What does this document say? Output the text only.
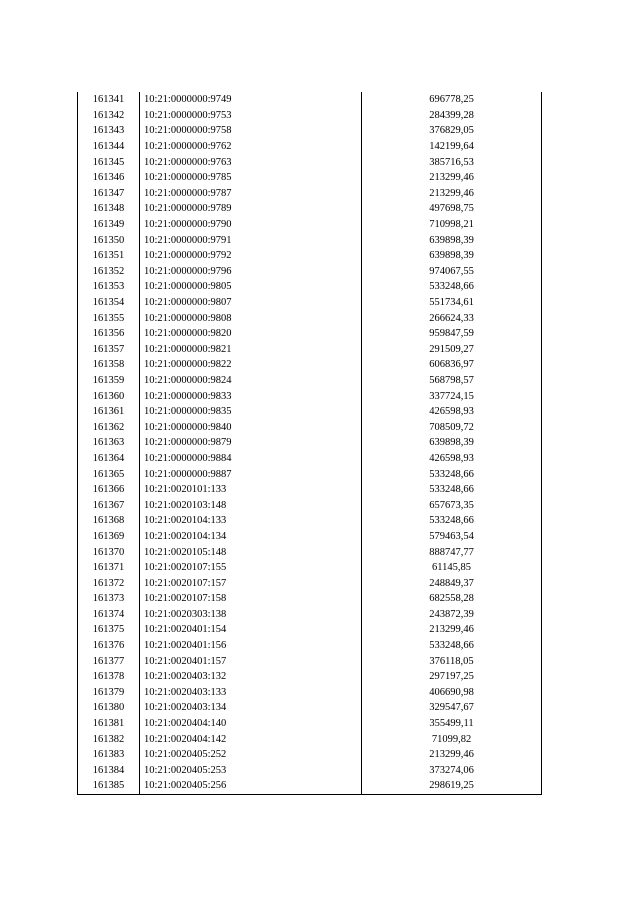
161341	10:21:0000000:9749	696778,25
161342	10:21:0000000:9753	284399,28
161343	10:21:0000000:9758	376829,05
161344	10:21:0000000:9762	142199,64
161345	10:21:0000000:9763	385716,53
161346	10:21:0000000:9785	213299,46
161347	10:21:0000000:9787	213299,46
161348	10:21:0000000:9789	497698,75
161349	10:21:0000000:9790	710998,21
161350	10:21:0000000:9791	639898,39
161351	10:21:0000000:9792	639898,39
161352	10:21:0000000:9796	974067,55
161353	10:21:0000000:9805	533248,66
161354	10:21:0000000:9807	551734,61
161355	10:21:0000000:9808	266624,33
161356	10:21:0000000:9820	959847,59
161357	10:21:0000000:9821	291509,27
161358	10:21:0000000:9822	606836,97
161359	10:21:0000000:9824	568798,57
161360	10:21:0000000:9833	337724,15
161361	10:21:0000000:9835	426598,93
161362	10:21:0000000:9840	708509,72
161363	10:21:0000000:9879	639898,39
161364	10:21:0000000:9884	426598,93
161365	10:21:0000000:9887	533248,66
161366	10:21:0020101:133	533248,66
161367	10:21:0020103:148	657673,35
161368	10:21:0020104:133	533248,66
161369	10:21:0020104:134	579463,54
161370	10:21:0020105:148	888747,77
161371	10:21:0020107:155	61145,85
161372	10:21:0020107:157	248849,37
161373	10:21:0020107:158	682558,28
161374	10:21:0020303:138	243872,39
161375	10:21:0020401:154	213299,46
161376	10:21:0020401:156	533248,66
161377	10:21:0020401:157	376118,05
161378	10:21:0020403:132	297197,25
161379	10:21:0020403:133	406690,98
161380	10:21:0020403:134	329547,67
161381	10:21:0020404:140	355499,11
161382	10:21:0020404:142	71099,82
161383	10:21:0020405:252	213299,46
161384	10:21:0020405:253	373274,06
161385	10:21:0020405:256	298619,25
